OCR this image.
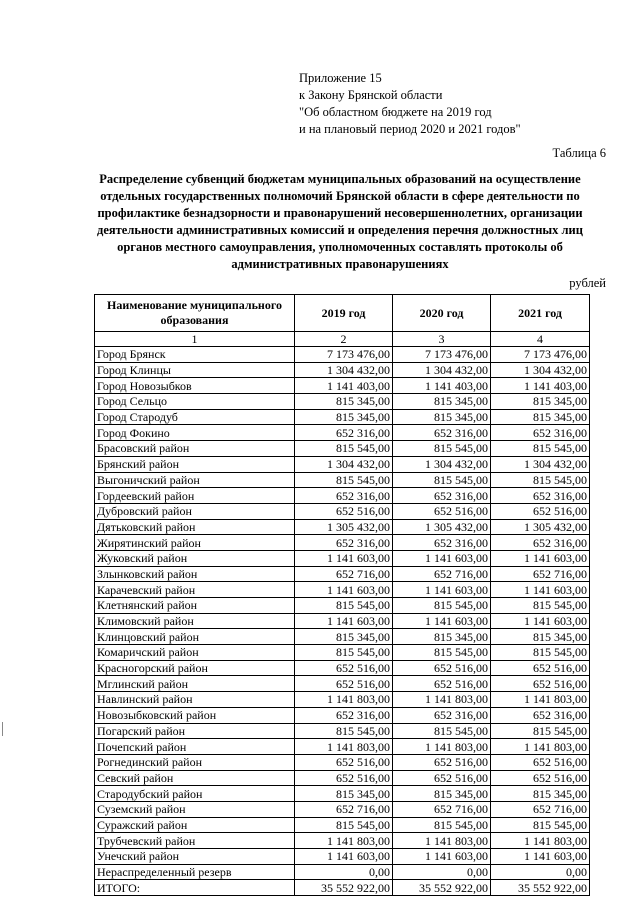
Приложение 15
к Закону Брянской области
"Об областном бюджете на 2019 год
и на плановый период 2020 и 2021 годов"
Таблица 6
Распределение субвенций бюджетам муниципальных образований на осуществление отдельных государственных полномочий Брянской области в сфере деятельности по профилактике безнадзорности и правонарушений несовершеннолетних, организации деятельности административных комиссий и определения перечня должностных лиц органов местного самоуправления, уполномоченных составлять протоколы об административных правонарушениях
рублей
Наименование муниципального образования	2019 год	2020 год	2021 год
1	2	3	4
Город Брянск	7 173 476,00	7 173 476,00	7 173 476,00
Город Клинцы	1 304 432,00	1 304 432,00	1 304 432,00
Город Новозыбков	1 141 403,00	1 141 403,00	1 141 403,00
Город Сельцо	815 345,00	815 345,00	815 345,00
Город Стародуб	815 345,00	815 345,00	815 345,00
Город Фокино	652 316,00	652 316,00	652 316,00
Брасовский район	815 545,00	815 545,00	815 545,00
Брянский район	1 304 432,00	1 304 432,00	1 304 432,00
Выгоничский район	815 545,00	815 545,00	815 545,00
Гордеевский район	652 316,00	652 316,00	652 316,00
Дубровский район	652 516,00	652 516,00	652 516,00
Дятьковский район	1 305 432,00	1 305 432,00	1 305 432,00
Жирятинский район	652 316,00	652 316,00	652 316,00
Жуковский район	1 141 603,00	1 141 603,00	1 141 603,00
Злынковский район	652 716,00	652 716,00	652 716,00
Карачевский район	1 141 603,00	1 141 603,00	1 141 603,00
Клетнянский район	815 545,00	815 545,00	815 545,00
Климовский район	1 141 603,00	1 141 603,00	1 141 603,00
Клинцовский район	815 345,00	815 345,00	815 345,00
Комаричский район	815 545,00	815 545,00	815 545,00
Красногорский район	652 516,00	652 516,00	652 516,00
Мглинский район	652 516,00	652 516,00	652 516,00
Навлинский район	1 141 803,00	1 141 803,00	1 141 803,00
Новозыбковский район	652 316,00	652 316,00	652 316,00
Погарский район	815 545,00	815 545,00	815 545,00
Почепский район	1 141 803,00	1 141 803,00	1 141 803,00
Рогнединский район	652 516,00	652 516,00	652 516,00
Севский район	652 516,00	652 516,00	652 516,00
Стародубский район	815 345,00	815 345,00	815 345,00
Суземский район	652 716,00	652 716,00	652 716,00
Суражский район	815 545,00	815 545,00	815 545,00
Трубчевский район	1 141 803,00	1 141 803,00	1 141 803,00
Унечский район	1 141 603,00	1 141 603,00	1 141 603,00
Нераспределенный резерв	0,00	0,00	0,00
ИТОГО:	35 552 922,00	35 552 922,00	35 552 922,00
